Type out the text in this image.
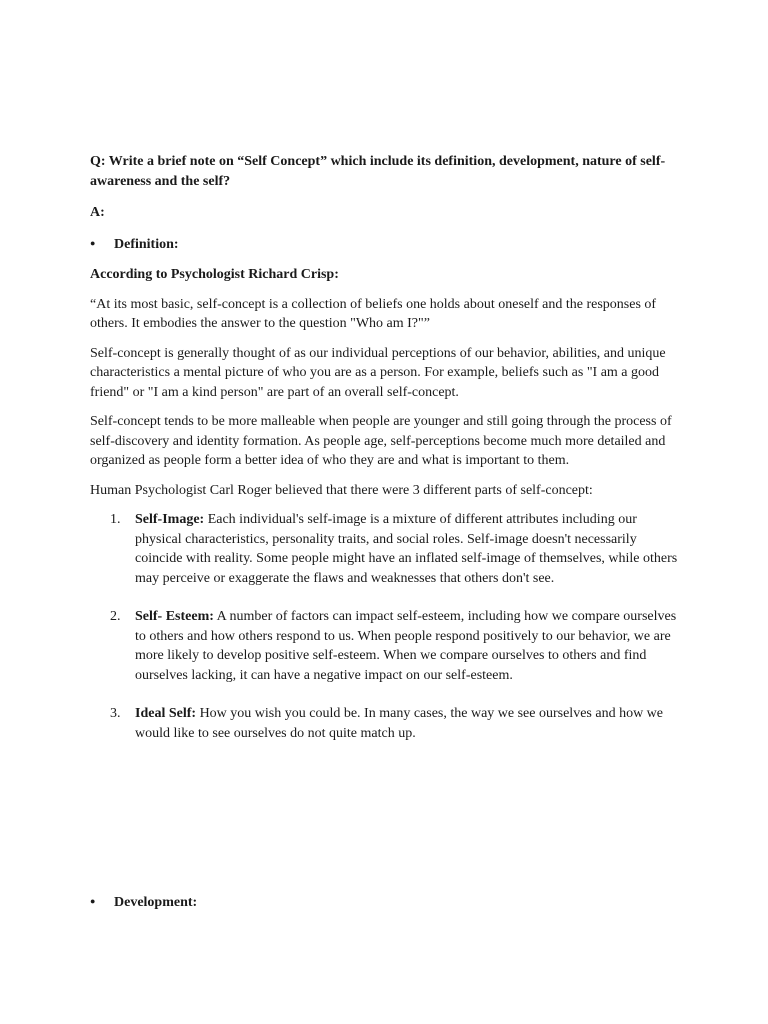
Q: Write a brief note on “Self Concept” which include its definition, development, nature of self-awareness and the self?
A:
●	Definition:
According to Psychologist Richard Crisp:

“At its most basic, self-concept is a collection of beliefs one holds about oneself and the responses of others. It embodies the answer to the question "Who am I?"”

Self-concept is generally thought of as our individual perceptions of our behavior, abilities, and unique characteristics a mental picture of who you are as a person. For example, beliefs such as "I am a good friend" or "I am a kind person" are part of an overall self-concept.

Self-concept tends to be more malleable when people are younger and still going through the process of self-discovery and identity formation. As people age, self-perceptions become much more detailed and organized as people form a better idea of who they are and what is important to them.

Human Psychologist Carl Roger believed that there were 3 different parts of self-concept:

1.	Self-Image: Each individual's self-image is a mixture of different attributes including our physical characteristics, personality traits, and social roles. Self-image doesn't necessarily coincide with reality. Some people might have an inflated self-image of themselves, while others may perceive or exaggerate the flaws and weaknesses that others don't see.
2.	Self- Esteem: A number of factors can impact self-esteem, including how we compare ourselves to others and how others respond to us. When people respond positively to our behavior, we are more likely to develop positive self-esteem. When we compare ourselves to others and find ourselves lacking, it can have a negative impact on our self-esteem.
3.	Ideal Self: How you wish you could be. In many cases, the way we see ourselves and how we would like to see ourselves do not quite match up.
●	Development:
